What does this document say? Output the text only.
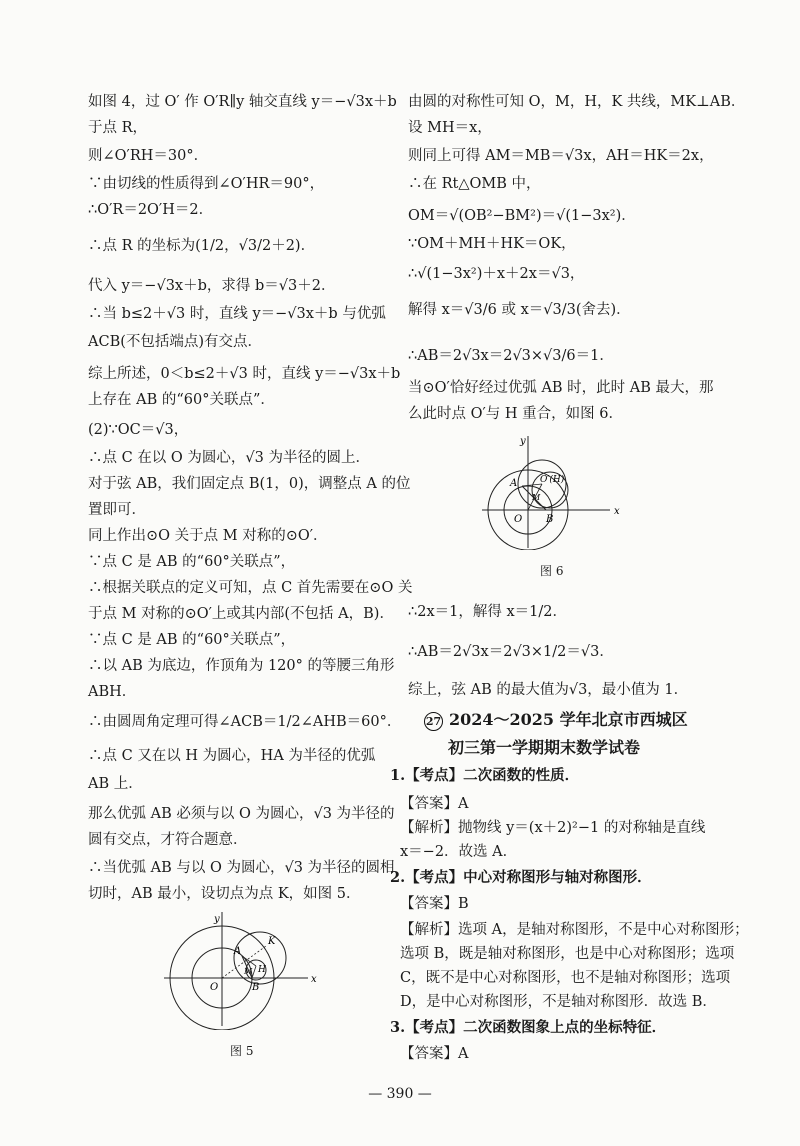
如图 4，过 O′ 作 O′R∥y 轴交直线 y＝−√3x＋b
于点 R，
则∠O′RH＝30°．
∵由切线的性质得到∠O′HR＝90°，
∴O′R＝2O′H＝2．
∴点 R 的坐标为(1/2，√3/2＋2)．
代入 y＝−√3x＋b，求得 b＝√3＋2．
∴当 b≤2＋√3 时，直线 y＝−√3x＋b 与优弧
ACB(不包括端点)有交点．
综上所述，0＜b≤2＋√3 时，直线 y＝−√3x＋b
上存在 AB 的“60°关联点”．
(2)∵OC＝√3，
∴点 C 在以 O 为圆心，√3 为半径的圆上．
对于弦 AB，我们固定点 B(1，0)，调整点 A 的位
置即可．
同上作出⊙O 关于点 M 对称的⊙O′．
∵点 C 是 AB 的“60°关联点”，
∴根据关联点的定义可知，点 C 首先需要在⊙O 关
于点 M 对称的⊙O′上或其内部(不包括 A，B)．
∵点 C 是 AB 的“60°关联点”，
∴以 AB 为底边，作顶角为 120° 的等腰三角形
ABH．
∴由圆周角定理可得∠ACB＝1/2∠AHB＝60°．
∴点 C 又在以 H 为圆心，HA 为半径的优弧
AB 上．
那么优弧 AB 必须与以 O 为圆心，√3 为半径的
圆有交点，才符合题意．
∴当优弧 AB 与以 O 为圆心，√3 为半径的圆相
切时，AB 最小，设切点为点 K，如图 5．
y
x
O
A
K
H
M
B
图 5
由圆的对称性可知 O，M，H，K 共线，MK⊥AB．
设 MH＝x，
则同上可得 AM＝MB＝√3x，AH＝HK＝2x，
∴在 Rt△OMB 中，
OM＝√(OB²−BM²)＝√(1−3x²)．
∵OM＋MH＋HK＝OK，
∴√(1−3x²)＋x＋2x＝√3，
解得 x＝√3/6 或 x＝√3/3(舍去)．
∴AB＝2√3x＝2√3×√3/6＝1．
当⊙O′恰好经过优弧 AB 时，此时 AB 最大，那
么此时点 O′与 H 重合，如图 6．
y
x
O
A
B
M
O′(H)
图 6
∴2x＝1，解得 x＝1/2．
∴AB＝2√3x＝2√3×1/2＝√3．
综上，弦 AB 的最大值为√3，最小值为 1．
27 2024～2025 学年北京市西城区
初三第一学期期末数学试卷
1.【考点】二次函数的性质．
【答案】A
【解析】抛物线 y＝(x＋2)²−1 的对称轴是直线
x＝−2．故选 A．
2.【考点】中心对称图形与轴对称图形．
【答案】B
【解析】选项 A，是轴对称图形，不是中心对称图形；
选项 B，既是轴对称图形，也是中心对称图形；选项
C，既不是中心对称图形，也不是轴对称图形；选项
D，是中心对称图形，不是轴对称图形．故选 B．
3.【考点】二次函数图象上点的坐标特征．
【答案】A
— 390 —
